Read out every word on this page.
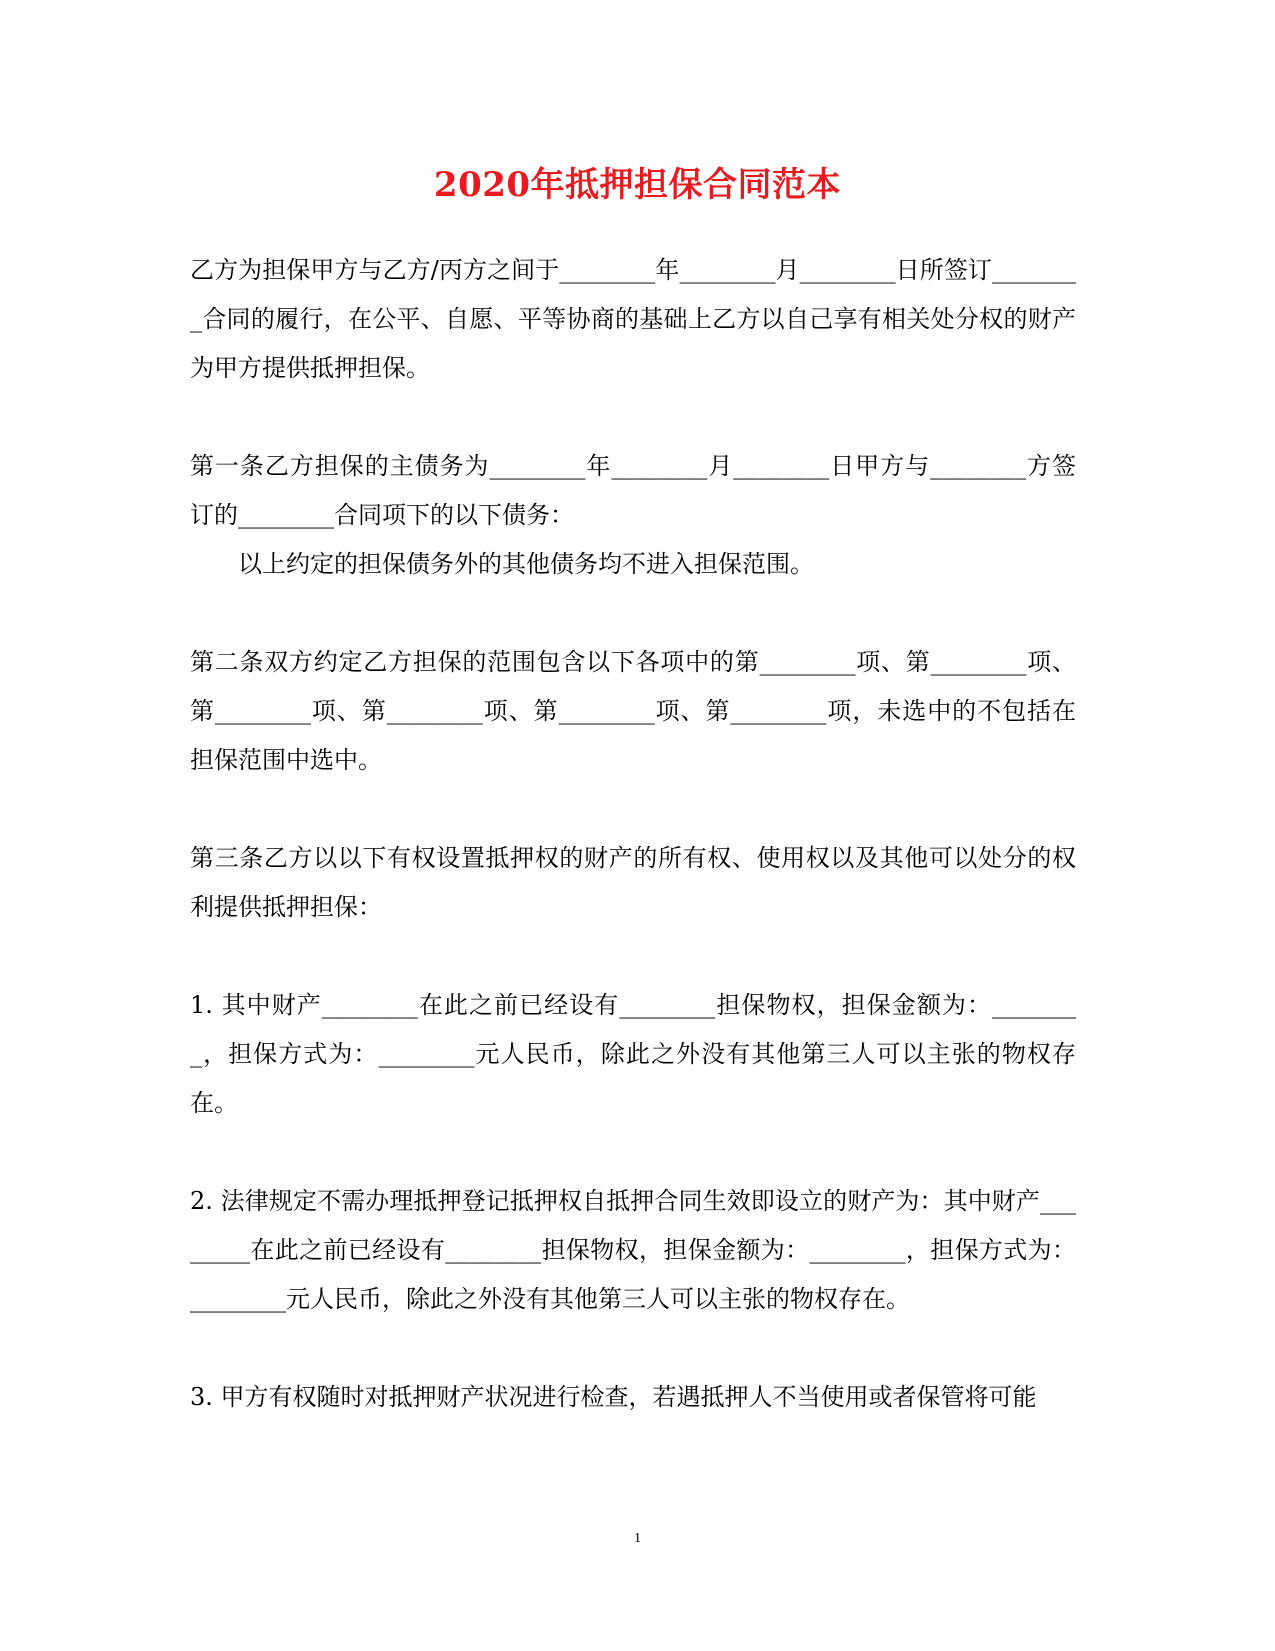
2020年抵押担保合同范本

乙方为担保甲方与乙方/丙方之间于________年________月________日所签订________合同的履行，在公平、自愿、平等协商的基础上乙方以自己享有相关处分权的财产为甲方提供抵押担保。

第一条乙方担保的主债务为________年________月________日甲方与________方签订的________合同项下的以下债务：

以上约定的担保债务外的其他债务均不进入担保范围。

第二条双方约定乙方担保的范围包含以下各项中的第________项、第________项、第________项、第________项、第________项、第________项，未选中的不包括在担保范围中选中。

第三条乙方以以下有权设置抵押权的财产的所有权、使用权以及其他可以处分的权利提供抵押担保：

1. 其中财产________在此之前已经设有________担保物权，担保金额为：________，担保方式为：________元人民币，除此之外没有其他第三人可以主张的物权存在。

2. 法律规定不需办理抵押登记抵押权自抵押合同生效即设立的财产为：其中财产________在此之前已经设有________担保物权，担保金额为：________，担保方式为：________元人民币，除此之外没有其他第三人可以主张的物权存在。

3. 甲方有权随时对抵押财产状况进行检查，若遇抵押人不当使用或者保管将可能

1
